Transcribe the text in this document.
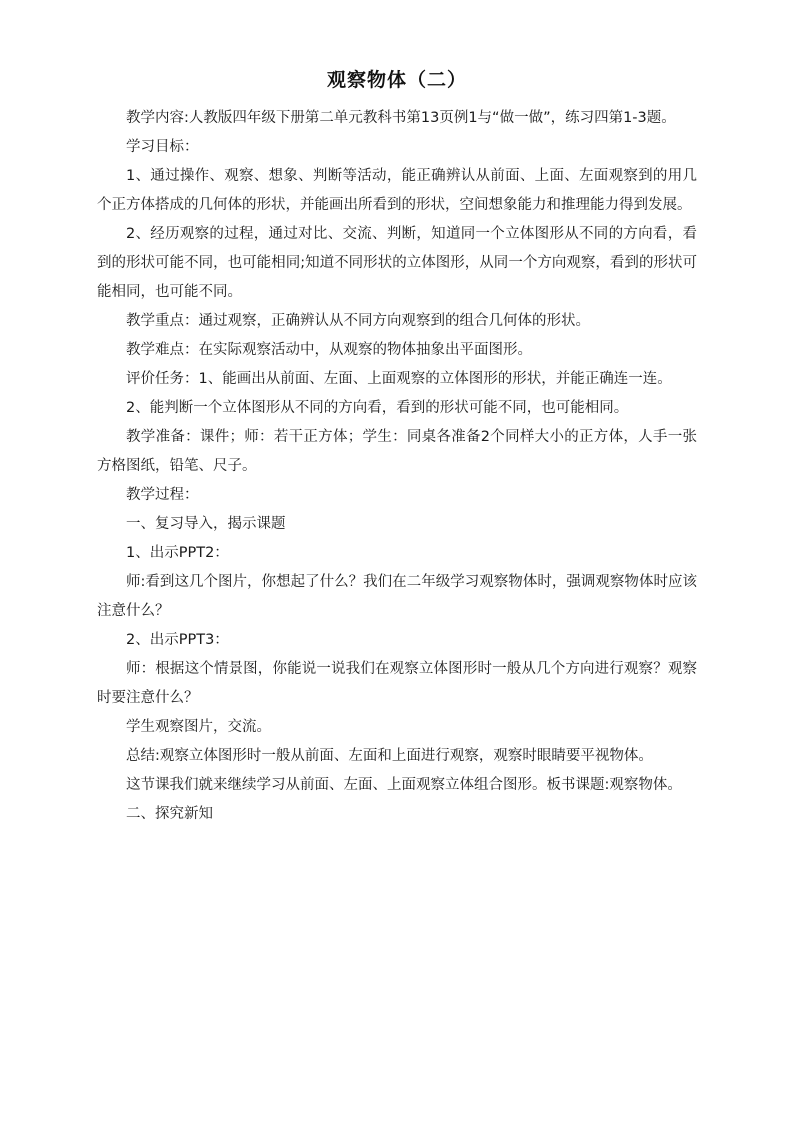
观察物体（二）

教学内容:人教版四年级下册第二单元教科书第13页例1与“做一做”，练习四第1-3题。

学习目标：

1、通过操作、观察、想象、判断等活动，能正确辨认从前面、上面、左面观察到的用几个正方体搭成的几何体的形状，并能画出所看到的形状，空间想象能力和推理能力得到发展。

2、经历观察的过程，通过对比、交流、判断，知道同一个立体图形从不同的方向看，看到的形状可能不同，也可能相同;知道不同形状的立体图形，从同一个方向观察，看到的形状可能相同，也可能不同。

教学重点：通过观察，正确辨认从不同方向观察到的组合几何体的形状。

教学难点：在实际观察活动中，从观察的物体抽象出平面图形。

评价任务：1、能画出从前面、左面、上面观察的立体图形的形状，并能正确连一连。

2、能判断一个立体图形从不同的方向看，看到的形状可能不同，也可能相同。

教学准备：课件；师：若干正方体；学生：同桌各准备2个同样大小的正方体，人手一张方格图纸，铅笔、尺子。

教学过程：

一、复习导入，揭示课题

1、出示PPT2：

师:看到这几个图片，你想起了什么？我们在二年级学习观察物体时，强调观察物体时应该注意什么？

2、出示PPT3：

师：根据这个情景图，你能说一说我们在观察立体图形时一般从几个方向进行观察？观察时要注意什么？

学生观察图片，交流。

总结:观察立体图形时一般从前面、左面和上面进行观察，观察时眼睛要平视物体。

这节课我们就来继续学习从前面、左面、上面观察立体组合图形。板书课题:观察物体。

二、探究新知
